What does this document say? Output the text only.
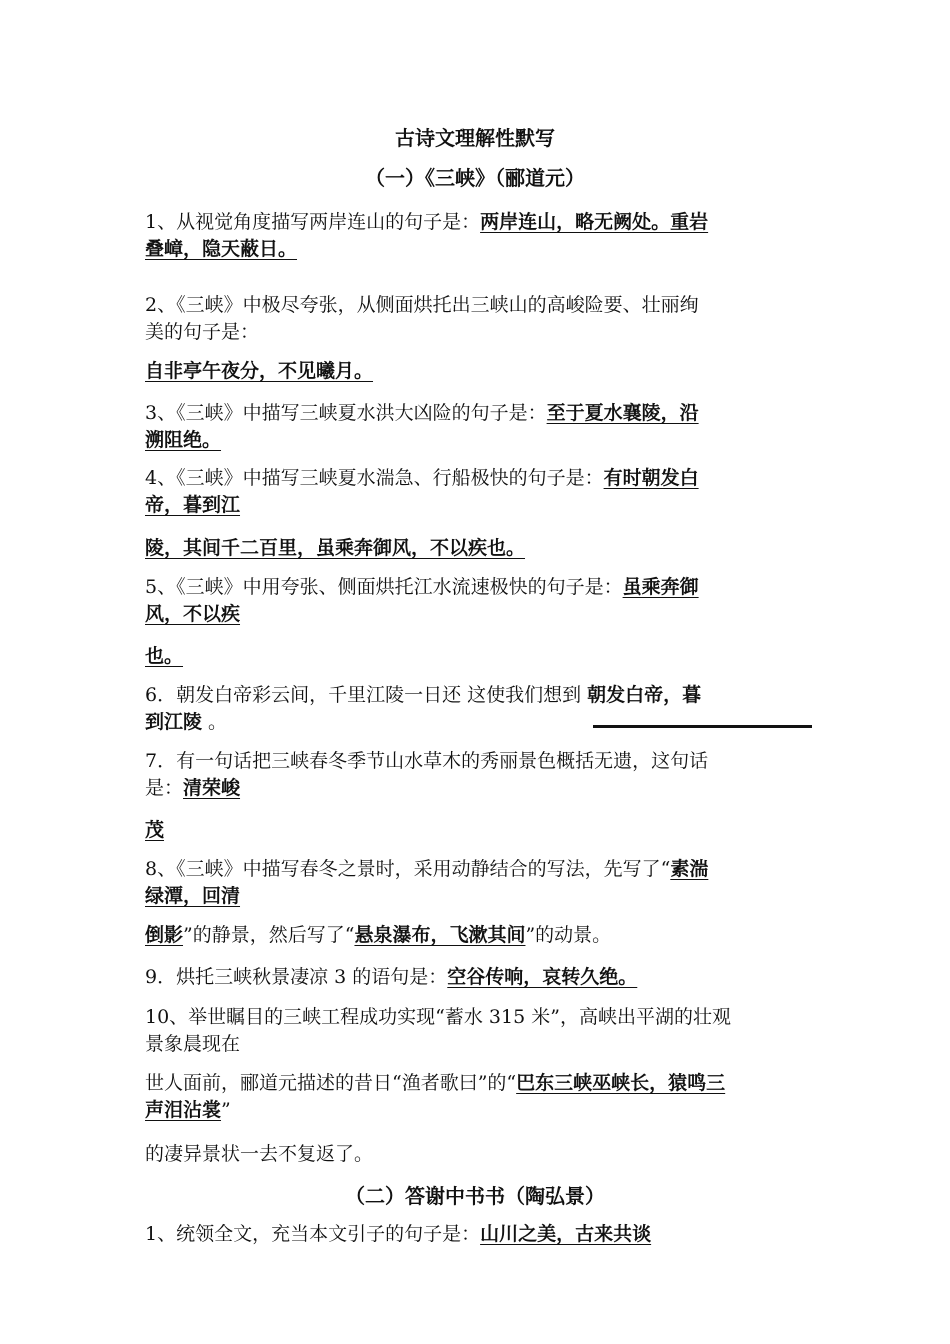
古诗文理解性默写
（一）《三峡》（郦道元）
1、从视觉角度描写两岸连山的句子是：两岸连山，略无阙处。重岩
叠嶂，隐天蔽日。
2、《三峡》中极尽夸张，从侧面烘托出三峡山的高峻险要、壮丽绚
美的句子是：
自非亭午夜分，不见曦月。
3、《三峡》中描写三峡夏水洪大凶险的句子是：至于夏水襄陵，沿
溯阻绝。
4、《三峡》中描写三峡夏水湍急、行船极快的句子是：有时朝发白
帝，暮到江
陵，其间千二百里，虽乘奔御风，不以疾也。
5、《三峡》中用夸张、侧面烘托江水流速极快的句子是：虽乘奔御
风，不以疾
也。
6．朝发白帝彩云间，千里江陵一日还 这使我们想到 朝发白帝，暮
到江陵 。
7．有一句话把三峡春冬季节山水草木的秀丽景色概括无遗，这句话
是：清荣峻
茂
8、《三峡》中描写春冬之景时，采用动静结合的写法，先写了“素湍
绿潭，回清
倒影”的静景，然后写了“悬泉瀑布，飞漱其间”的动景。
9．烘托三峡秋景凄凉 3 的语句是：空谷传响，哀转久绝。
10、举世瞩目的三峡工程成功实现“蓄水 315 米”，高峡出平湖的壮观
景象晨现在
世人面前，郦道元描述的昔日“渔者歌曰”的“巴东三峡巫峡长，猿鸣三
声泪沾裳”
的凄异景状一去不复返了。
（二）答谢中书书（陶弘景）
1、统领全文，充当本文引子的句子是：山川之美，古来共谈
